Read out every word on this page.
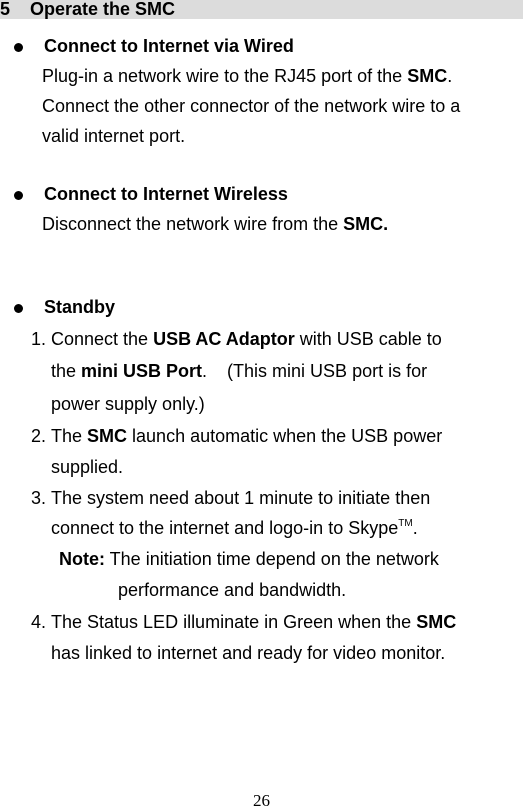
5 Operate the SMC
Connect to Internet via Wired
Plug-in a network wire to the RJ45 port of the SMC.
Connect the other connector of the network wire to a
valid internet port.
Connect to Internet Wireless
Disconnect the network wire from the SMC.
Standby
1. Connect the USB AC Adaptor with USB cable to
the mini USB Port.    (This mini USB port is for
power supply only.)
2. The SMC launch automatic when the USB power
supplied.
3. The system need about 1 minute to initiate then
connect to the internet and logo-in to Skype™.
Note: The initiation time depend on the network
performance and bandwidth.
4. The Status LED illuminate in Green when the SMC
has linked to internet and ready for video monitor.
26
